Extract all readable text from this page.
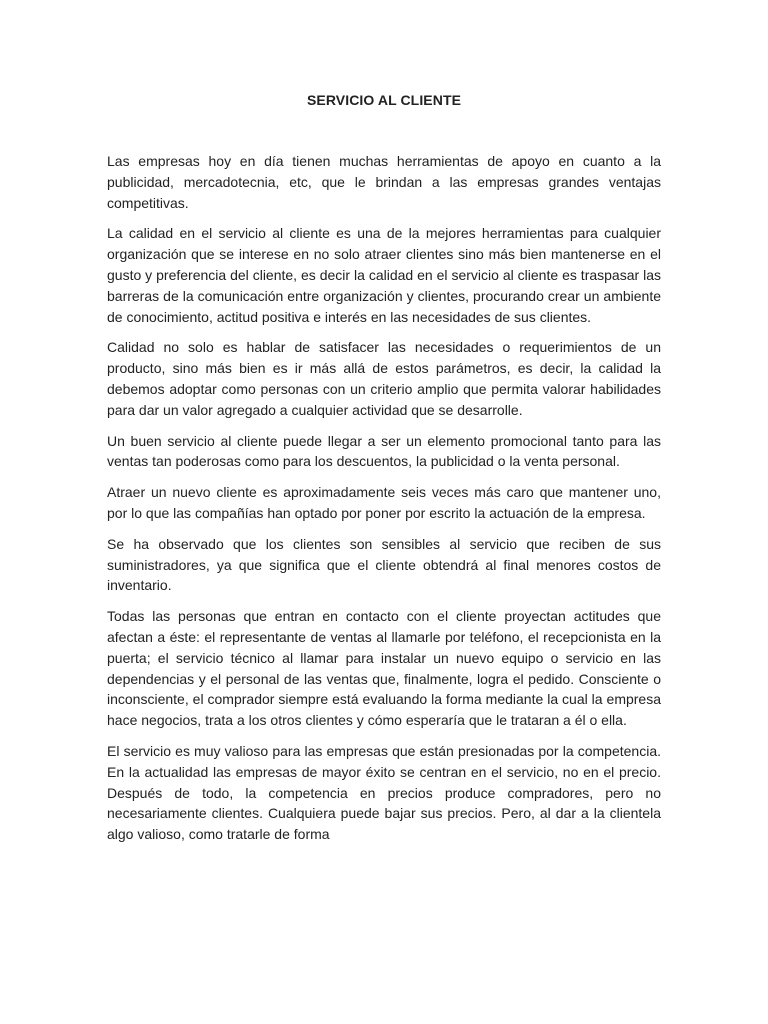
SERVICIO AL CLIENTE

Las empresas hoy en día tienen muchas herramientas de apoyo en cuanto a la publicidad, mercadotecnia, etc, que le brindan a las empresas grandes ventajas competitivas.

La calidad en el servicio al cliente es una de la mejores herramientas para cualquier organización que se interese en no solo atraer clientes sino más bien mantenerse en el gusto y preferencia del cliente, es decir la calidad en el servicio al cliente es traspasar las barreras de la comunicación entre organización y clientes, procurando crear un ambiente de conocimiento, actitud positiva e interés en las necesidades de sus clientes.

Calidad no solo es hablar de satisfacer las necesidades o requerimientos de un producto, sino más bien es ir más allá de estos parámetros, es decir, la calidad la debemos adoptar como personas con un criterio amplio que permita valorar habilidades para dar un valor agregado a cualquier actividad que se desarrolle.

Un buen servicio al cliente puede llegar a ser un elemento promocional tanto para las ventas tan poderosas como para los descuentos, la publicidad o la venta personal.

Atraer un nuevo cliente es aproximadamente seis veces más caro que mantener uno, por lo que las compañías han optado por poner por escrito la actuación de la empresa.

Se ha observado que los clientes son sensibles al servicio que reciben de sus suministradores, ya que significa que el cliente obtendrá al final menores costos de inventario.

Todas las personas que entran en contacto con el cliente proyectan actitudes que afectan a éste: el representante de ventas al llamarle por teléfono, el recepcionista en la puerta; el servicio técnico al llamar para instalar un nuevo equipo o servicio en las dependencias y el personal de las ventas que, finalmente, logra el pedido. Consciente o inconsciente, el comprador siempre está evaluando la forma mediante la cual la empresa hace negocios, trata a los otros clientes y cómo esperaría que le trataran a él o ella.

El servicio es muy valioso para las empresas que están presionadas por la competencia. En la actualidad las empresas de mayor éxito se centran en el servicio, no en el precio. Después de todo, la competencia en precios produce compradores, pero no necesariamente clientes. Cualquiera puede bajar sus precios. Pero, al dar a la clientela algo valioso, como tratarle de forma
